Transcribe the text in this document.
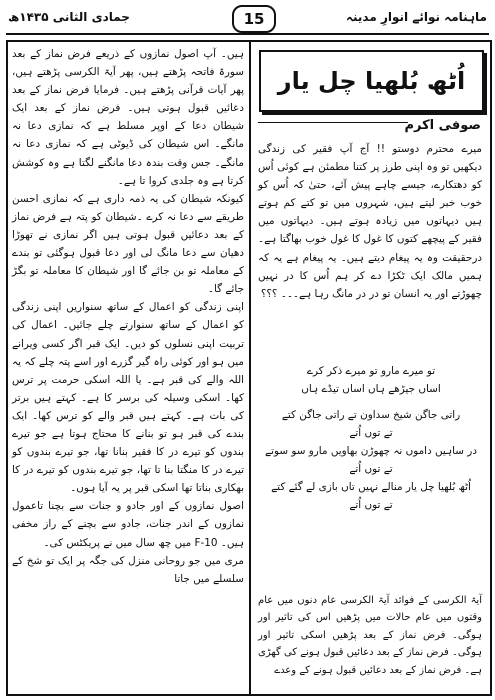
ماہنامہ نوائے انوارِ مدینہ
15
جمادی الثانی ۱۴۳۵ھ
اُٹھ بُلھیا چل یار
صوفی اکرم

میرے محترم دوستو !! آج آپ فقیر کی زندگی دیکھیں تو وہ اپنی طرز پر کتنا مطمئن ہے کوئی اُس کو دھتکارے، جیسے چاہے پیش آئے، حتیٰ کہ اُس کو خوب خبر لیتے ہیں، شہروں میں تو کتے کم ہوتے ہیں دیہاتوں میں زیادہ ہوتے ہیں۔ دیہاتوں میں فقیر کے پیچھے کتوں کا غول کا غول خوب بھاگتا ہے۔ درحقیقت وہ یہ پیغام دیتے ہیں۔ یہ پیغام ہے یہ کہ ہمیں مالک ایک ٹکڑا دے کر ہم اُس کا در نہیں چھوڑتے اور یہ انسان تو در در مانگ رہا ہے۔۔۔ ؟؟؟

تو میرے مارو تو میرے ذکر کرے
اساں جیڑھے ہاں اساں تیڈے ہاں
راتی جاگن شیخ سداون تے راتی جاگن کتے
تے توں اُتے
در ساہیں داموں نہ چھوڑن بھاویں مارو سو سوتے
تے توں اُتے
اُٹھ بُلھیا چل یار منالے نہیں تاں بازی لے گئے کتے
تے توں اُتے

آیۃ الکرسی کے فوائد آیۃ الکرسی عام دنوں میں عام وقتوں میں عام حالات میں پڑھیں اس کی تاثیر اور ہوگی۔ فرض نماز کے بعد پڑھیں اسکی تاثیر اور ہوگی۔ فرض نماز کے بعد دعائیں قبول ہونے کی گھڑی ہے۔ فرض نماز کے بعد دعائیں قبول ہونے کے وعدے

ہیں۔ آپ اصول نمازوں کے ذریعے فرض نماز کے بعد سورۃ فاتحہ پڑھتے ہیں، پھر آیۃ الکرسی پڑھتے ہیں، پھر آیات قرآنی پڑھتے ہیں۔ فرمایا فرض نماز کے بعد دعائیں قبول ہوتی ہیں۔ فرض نماز کے بعد ایک شیطان دعا کے اوپر مسلط ہے کہ نمازی دعا نہ مانگے۔ اس شیطان کی ڈیوٹی ہے کہ نمازی دعا نہ مانگے۔ جس وقت بندہ دعا مانگنے لگتا ہے وہ کوشش کرتا ہے وہ جلدی کروا تا ہے۔

کیونکہ شیطان کی یہ ذمہ داری ہے کہ نمازی احسن طریقے سے دعا نہ کرے ۔شیطان کو پتہ ہے فرض نماز کے بعد دعائیں قبول ہوتی ہیں اگر نمازی نے تھوڑا دھیان سے دعا مانگ لی اور دعا قبول ہوگئی تو بندے کے معاملہ تو بن جائے گا اور شیطان کا معاملہ تو بگڑ جائے گا۔

اپنی زندگی کو اعمال کے ساتھ سنواریں اپنی زندگی کو اعمال کے ساتھ سنوارتے چلے جائیں۔ اعمال کی تربیت اپنی نسلوں کو دیں۔ ایک قبر اگر کسی ویرانے میں ہو اور کوئی راہ گیر گزرے اور اسے پتہ چلے کہ یہ اللہ والے کی قبر ہے۔ یا اللہ اسکی حرمت پر ترس کھا۔ اسکی وسیلہ کی برسر کا ہے۔ کہتے ہیں برتر کی بات ہے۔ کہتے ہیں قبر والے کو ترس کھا۔ ایک بندے کی قبر ہو تو بنانے کا محتاج ہوتا ہے جو تیرے بندوں کو تیرے در کا فقیر بنانا تھا، جو تیرے بندوں کو تیرے در کا منگتا بنا تا تھا، جو تیرے بندوں کو تیرے در کا بھکاری بناتا تھا اسکی قبر پر یہ آیا ہوں۔

اصول نمازوں کے اور جادو و جنات سے بچنا تاعمول نمازوں کے اندر جنات، جادو سے بچنے کے راز مخفی ہیں۔ F-10 میں چھ سال میں نے پریکٹس کی۔

مری میں جو روحانی منزل کی جگہ پر ایک تو شخ کے سلسلے میں جاتا
